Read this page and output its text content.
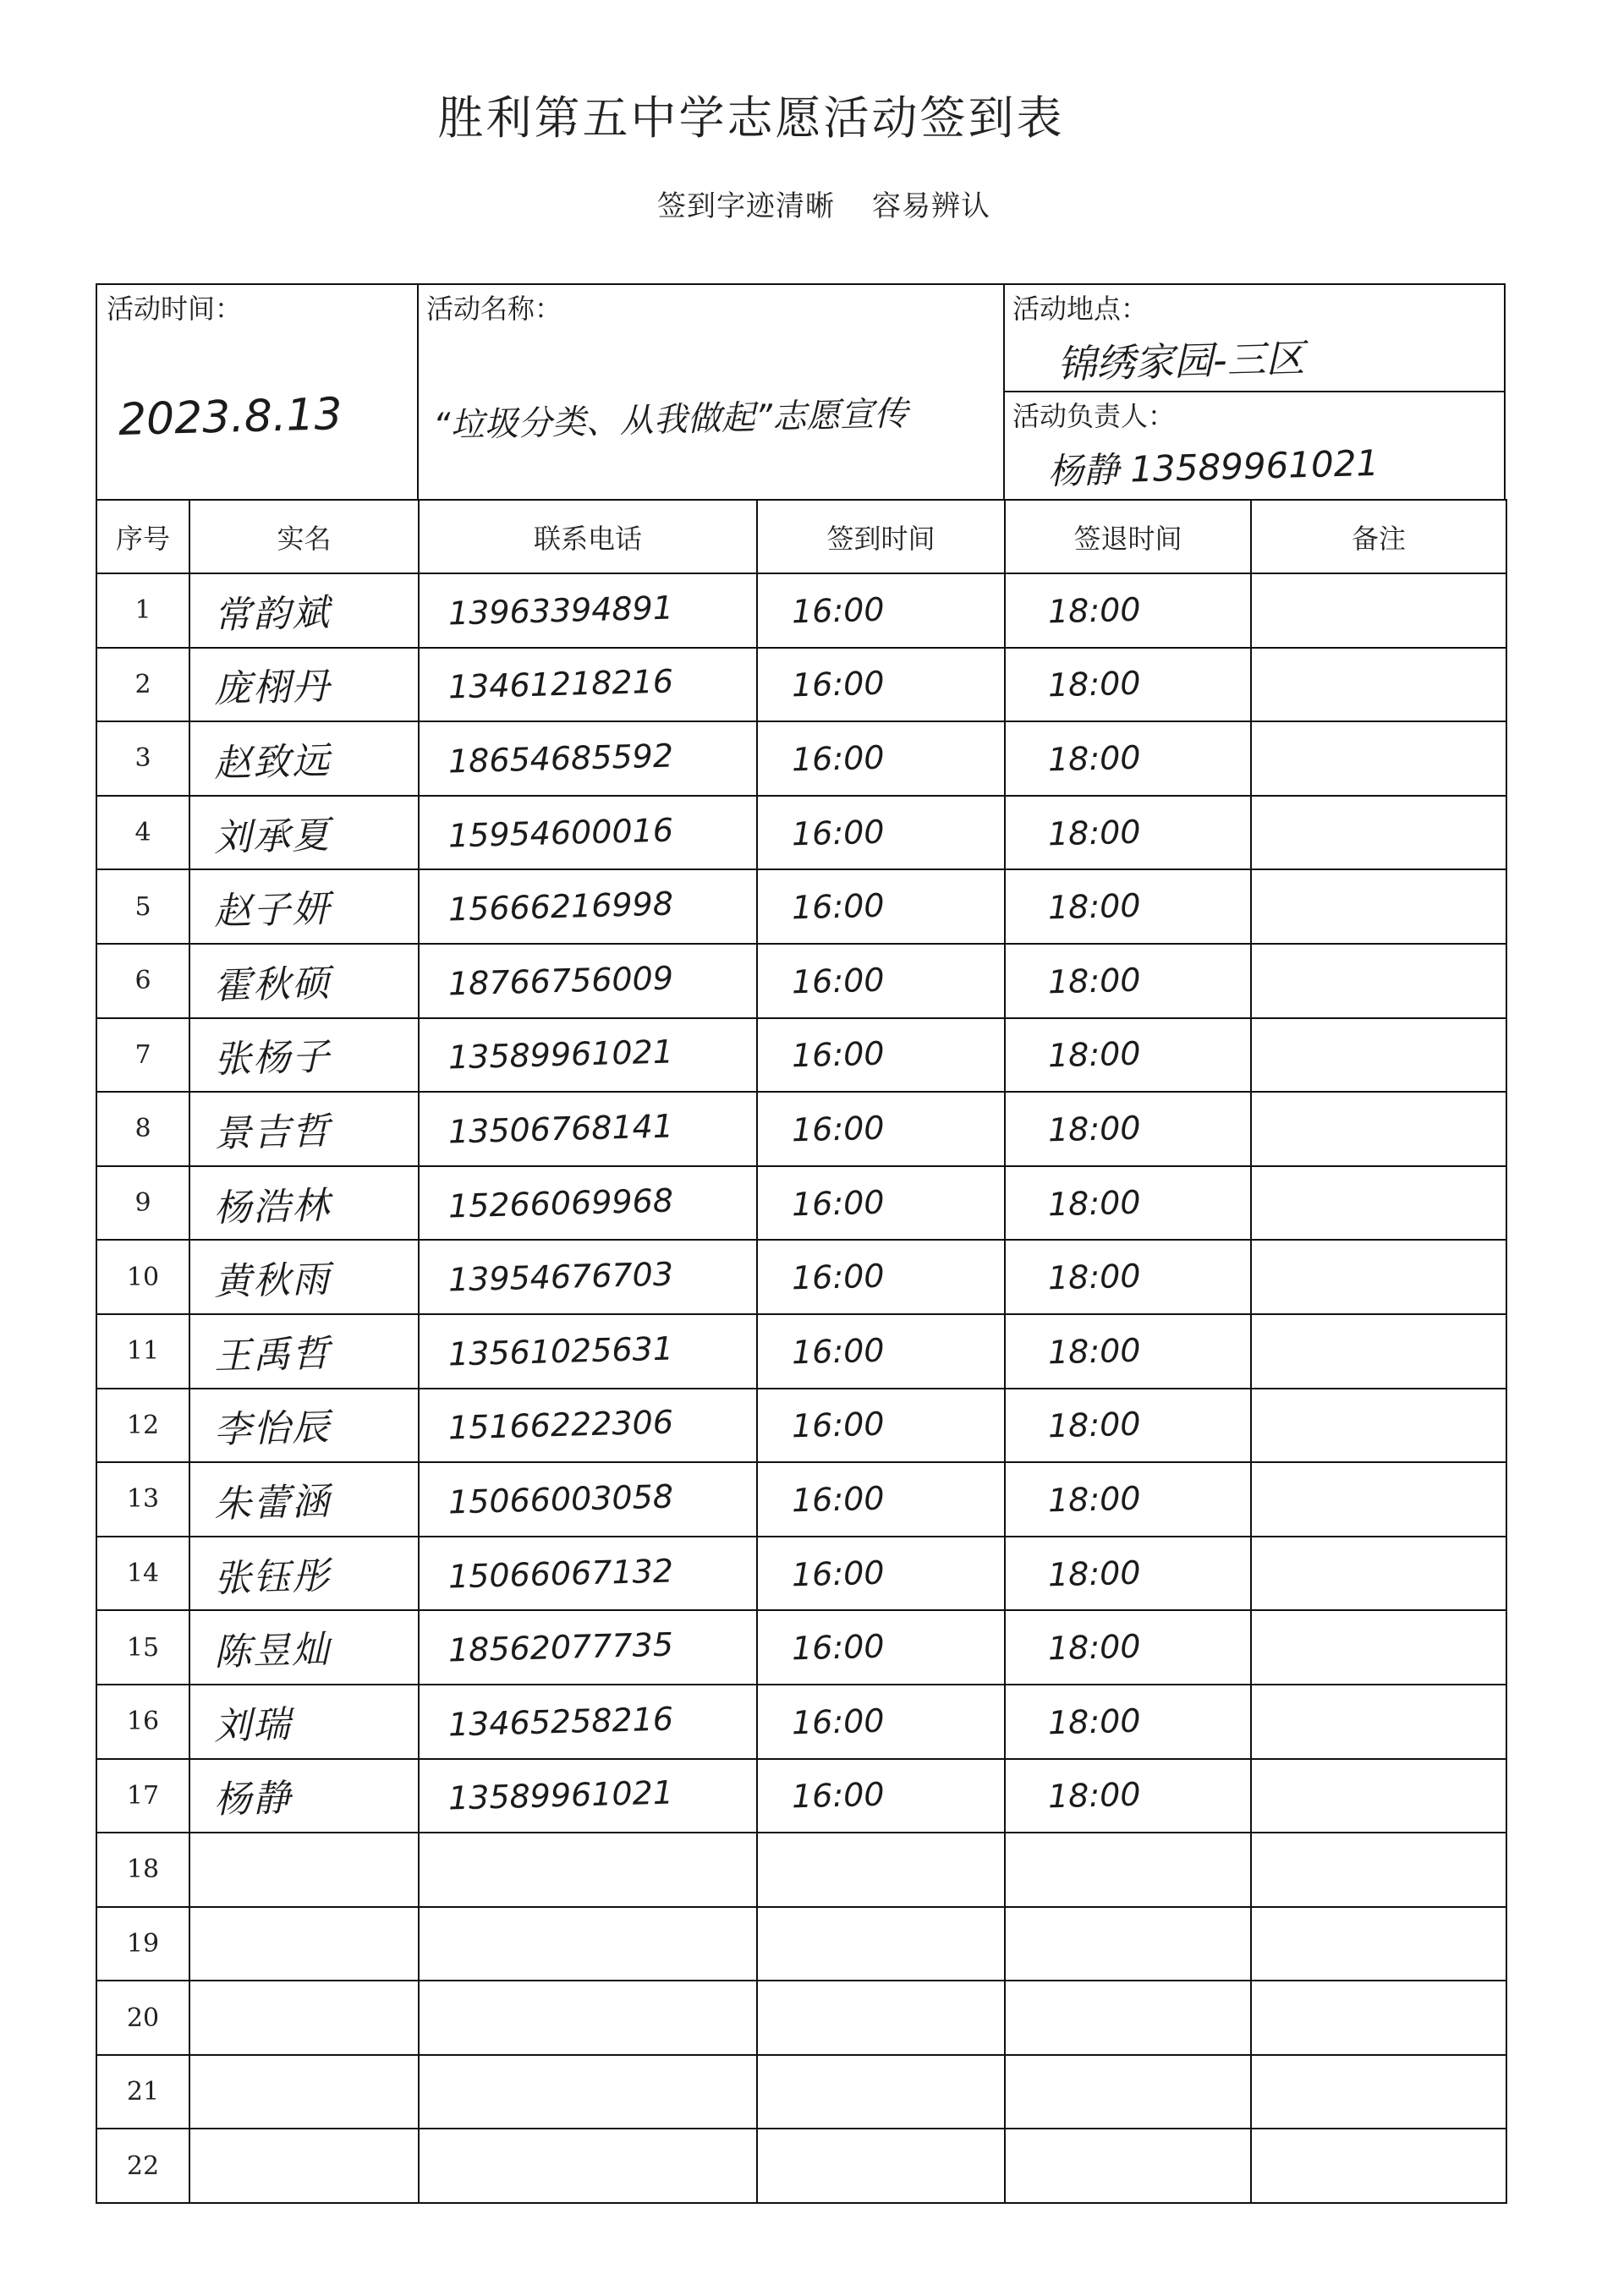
胜利第五中学志愿活动签到表
签到字迹清晰 容易辨认
活动时间：
2023.8.13
活动名称：
“垃圾分类、从我做起”志愿宣传
活动地点：
锦绣家园-三区
活动负责人：
杨静 13589961021
序号	实名	联系电话	签到时间	签退时间	备注
1	常韵斌	13963394891	16:00	18:00	
2	庞栩丹	13461218216	16:00	18:00	
3	赵致远	18654685592	16:00	18:00	
4	刘承夏	15954600016	16:00	18:00	
5	赵子妍	15666216998	16:00	18:00	
6	霍秋硕	18766756009	16:00	18:00	
7	张杨子	13589961021	16:00	18:00	
8	景吉哲	13506768141	16:00	18:00	
9	杨浩林	15266069968	16:00	18:00	
10	黄秋雨	13954676703	16:00	18:00	
11	王禹哲	13561025631	16:00	18:00	
12	李怡辰	15166222306	16:00	18:00	
13	朱蕾涵	15066003058	16:00	18:00	
14	张钰彤	15066067132	16:00	18:00	
15	陈昱灿	18562077735	16:00	18:00	
16	刘瑞	13465258216	16:00	18:00	
17	杨静	13589961021	16:00	18:00	
18					
19					
20					
21					
22					
